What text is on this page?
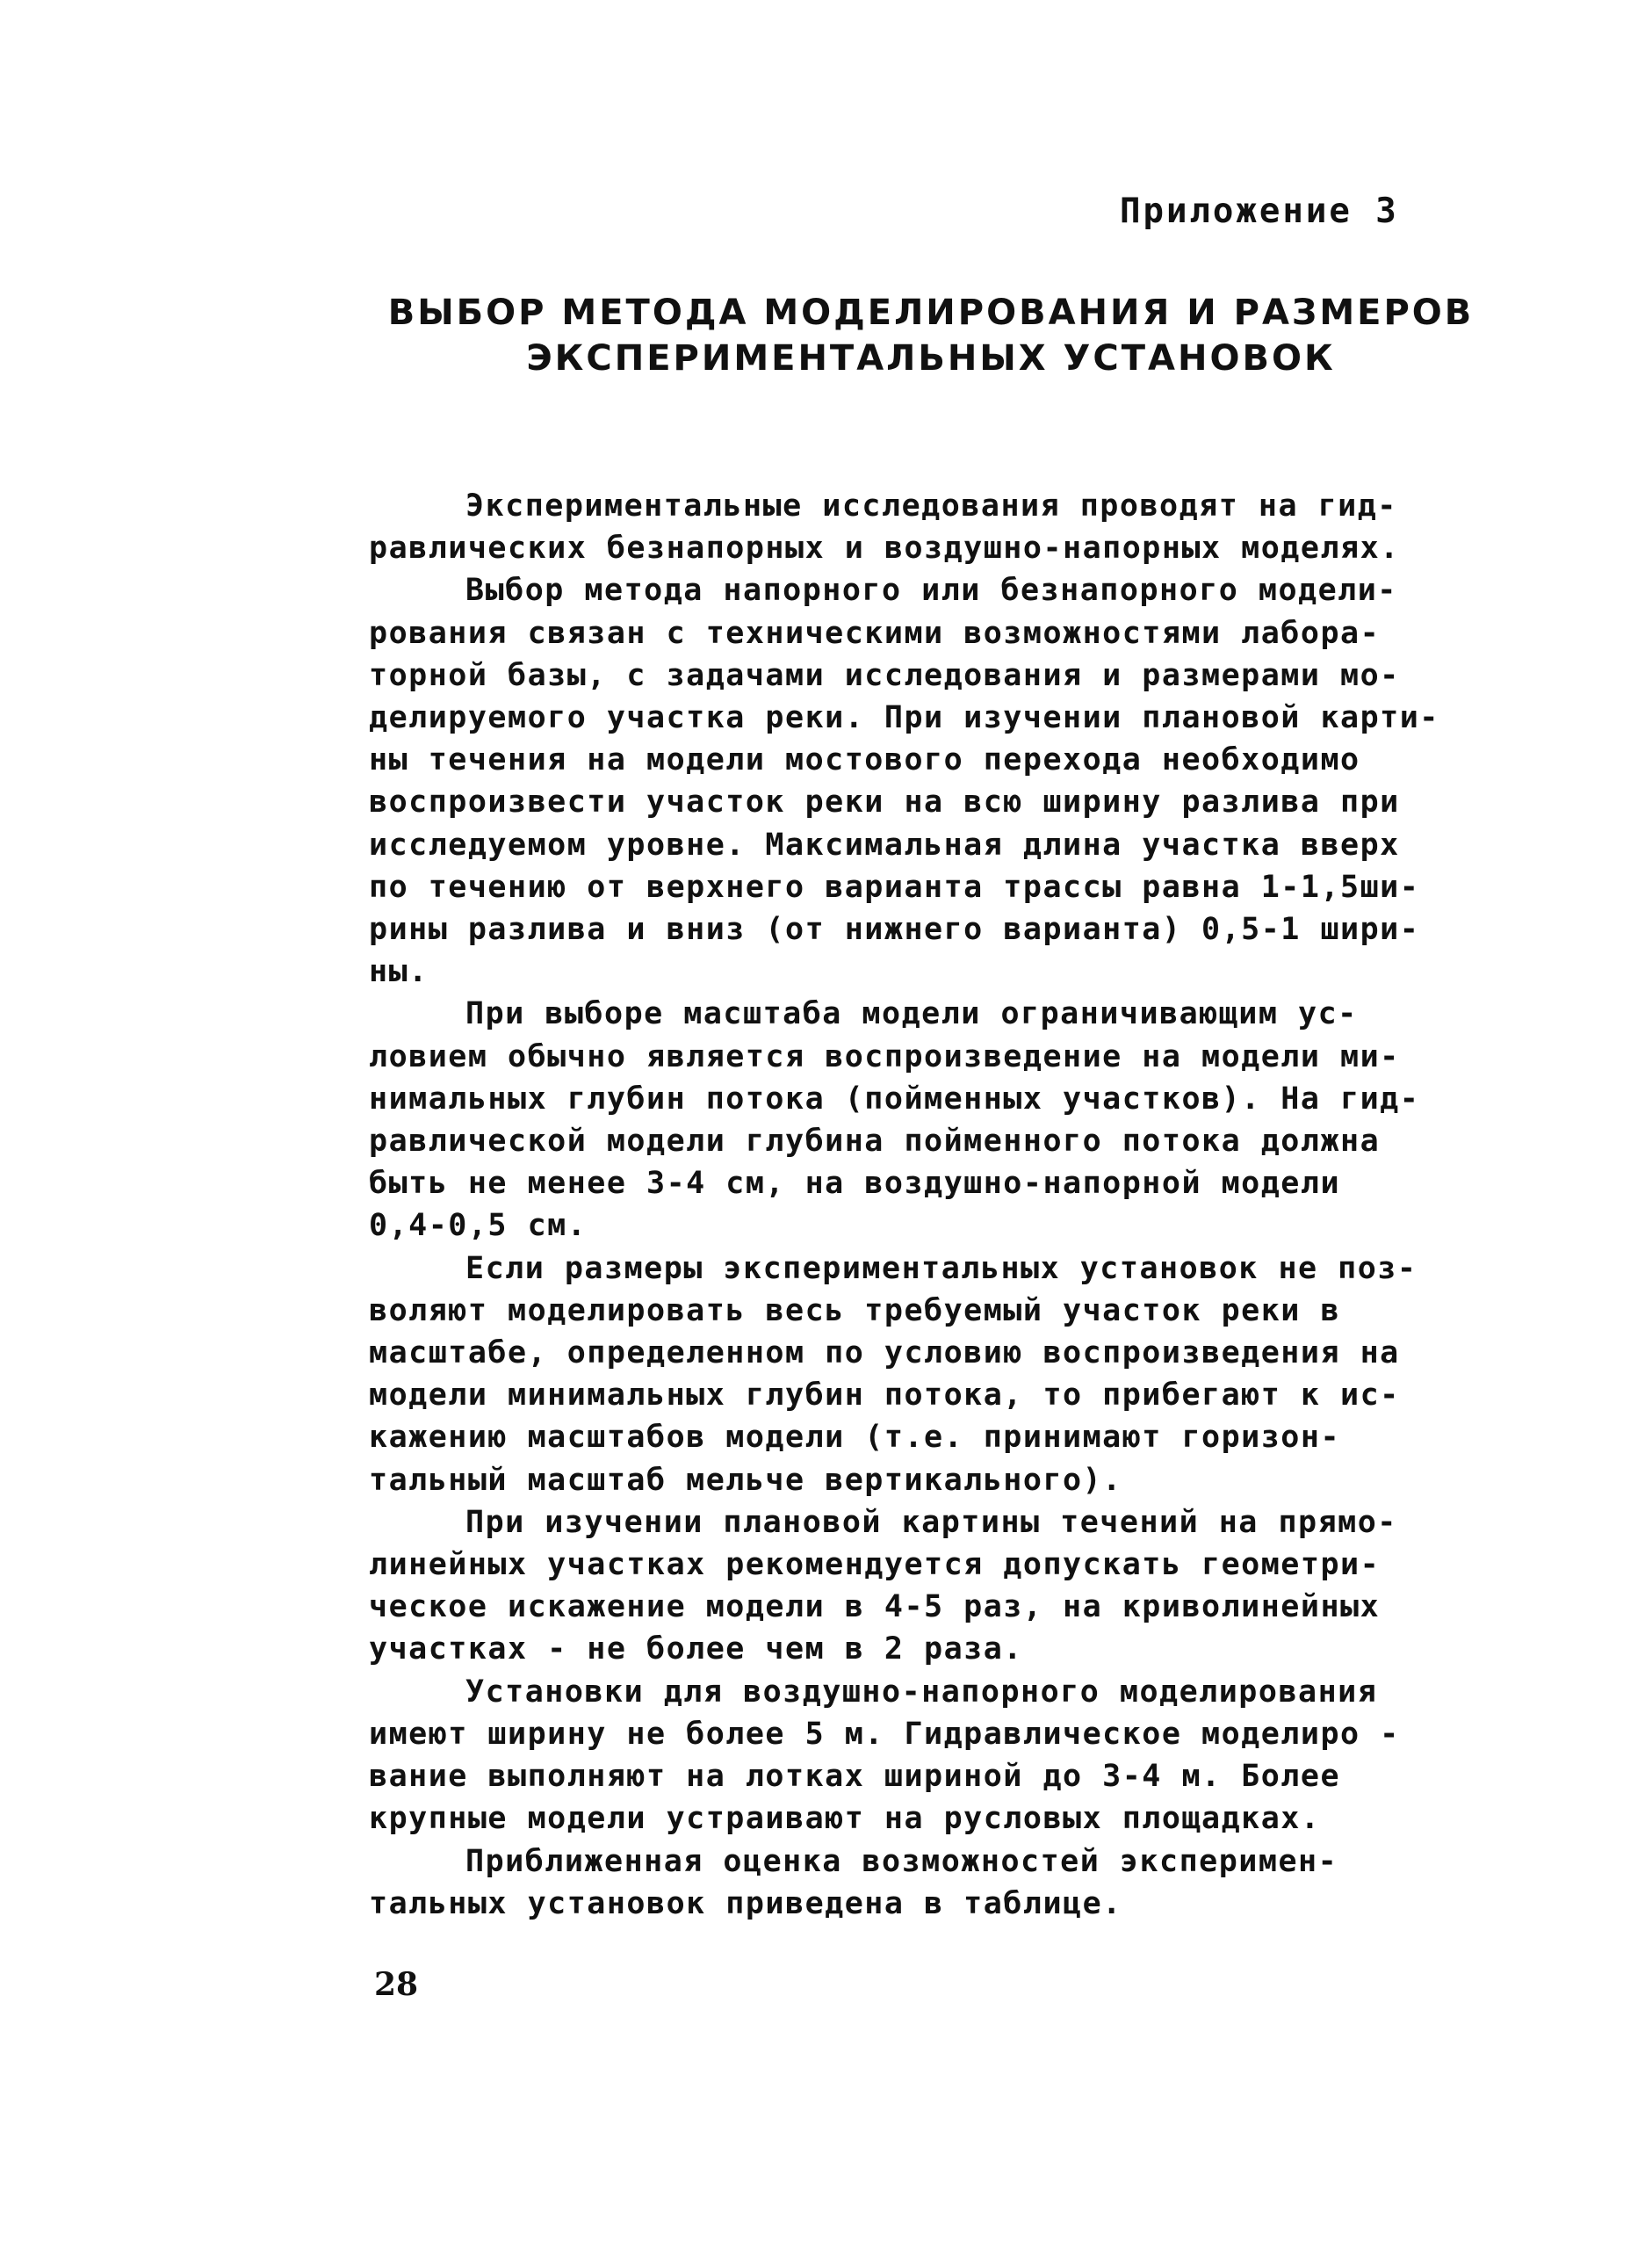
Приложение 3
ВЫБОР МЕТОДА МОДЕЛИРОВАНИЯ И РАЗМЕРОВ
ЭКСПЕРИМЕНТАЛЬНЫХ УСТАНОВОК
Экспериментальные исследования проводят на гид-
равлических безнапорных и воздушно-напорных моделях.
Выбор метода напорного или безнапорного модели-
рования связан с техническими возможностями лабора-
торной базы, с задачами исследования и размерами мо-
делируемого участка реки. При изучении плановой карти-
ны течения на модели мостового перехода необходимо
воспроизвести участок реки на всю ширину разлива при
исследуемом уровне. Максимальная длина участка вверх
по течению от верхнего варианта трассы равна 1-1,5ши-
рины разлива и вниз (от нижнего варианта) 0,5-1 шири-
ны.
При выборе масштаба модели ограничивающим ус-
ловием обычно является воспроизведение на модели ми-
нимальных глубин потока (пойменных участков). На гид-
равлической модели глубина пойменного потока должна
быть не менее 3-4 см, на воздушно-напорной модели
0,4-0,5 см.
Если размеры экспериментальных установок не поз-
воляют моделировать весь требуемый участок реки в
масштабе, определенном по условию воспроизведения на
модели минимальных глубин потока, то прибегают к ис-
кажению масштабов модели (т.е. принимают горизон-
тальный масштаб мельче вертикального).
При изучении плановой картины течений на прямо-
линейных участках рекомендуется допускать геометри-
ческое искажение модели в 4-5 раз, на криволинейных
участках - не более чем в 2 раза.
Установки для воздушно-напорного моделирования
имеют ширину не более 5 м. Гидравлическое моделиро -
вание выполняют на лотках шириной до 3-4 м. Более
крупные модели устраивают на русловых площадках.
Приближенная оценка возможностей эксперимен-
тальных установок приведена в таблице.
28
